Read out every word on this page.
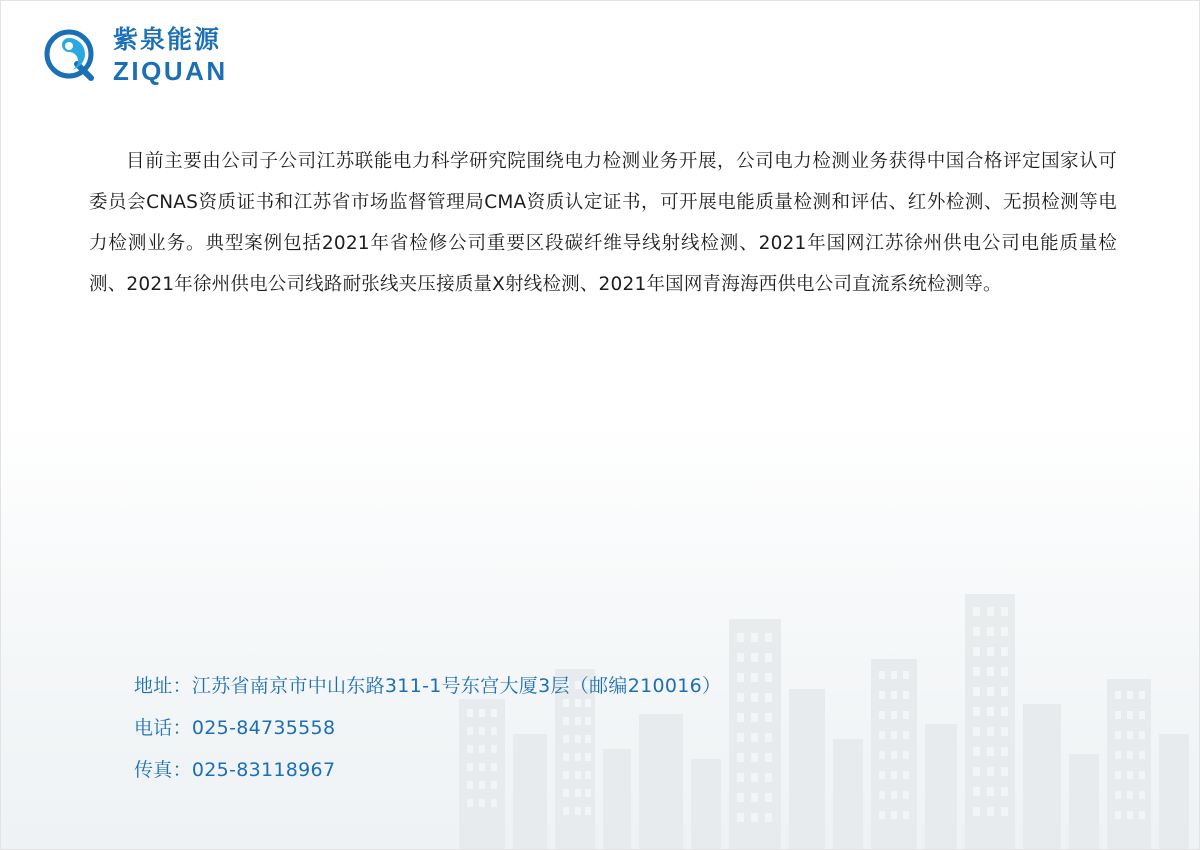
紫泉能源
ZIQUAN

目前主要由公司子公司江苏联能电力科学研究院围绕电力检测业务开展，公司电力检测业务获得中国合格评定国家认可委员会CNAS资质证书和江苏省市场监督管理局CMA资质认定证书，可开展电能质量检测和评估、红外检测、无损检测等电力检测业务。典型案例包括2021年省检修公司重要区段碳纤维导线射线检测、2021年国网江苏徐州供电公司电能质量检测、2021年徐州供电公司线路耐张线夹压接质量X射线检测、2021年国网青海海西供电公司直流系统检测等。

地址：江苏省南京市中山东路311-1号东宫大厦3层（邮编210016）
电话：025-84735558
传真：025-83118967
